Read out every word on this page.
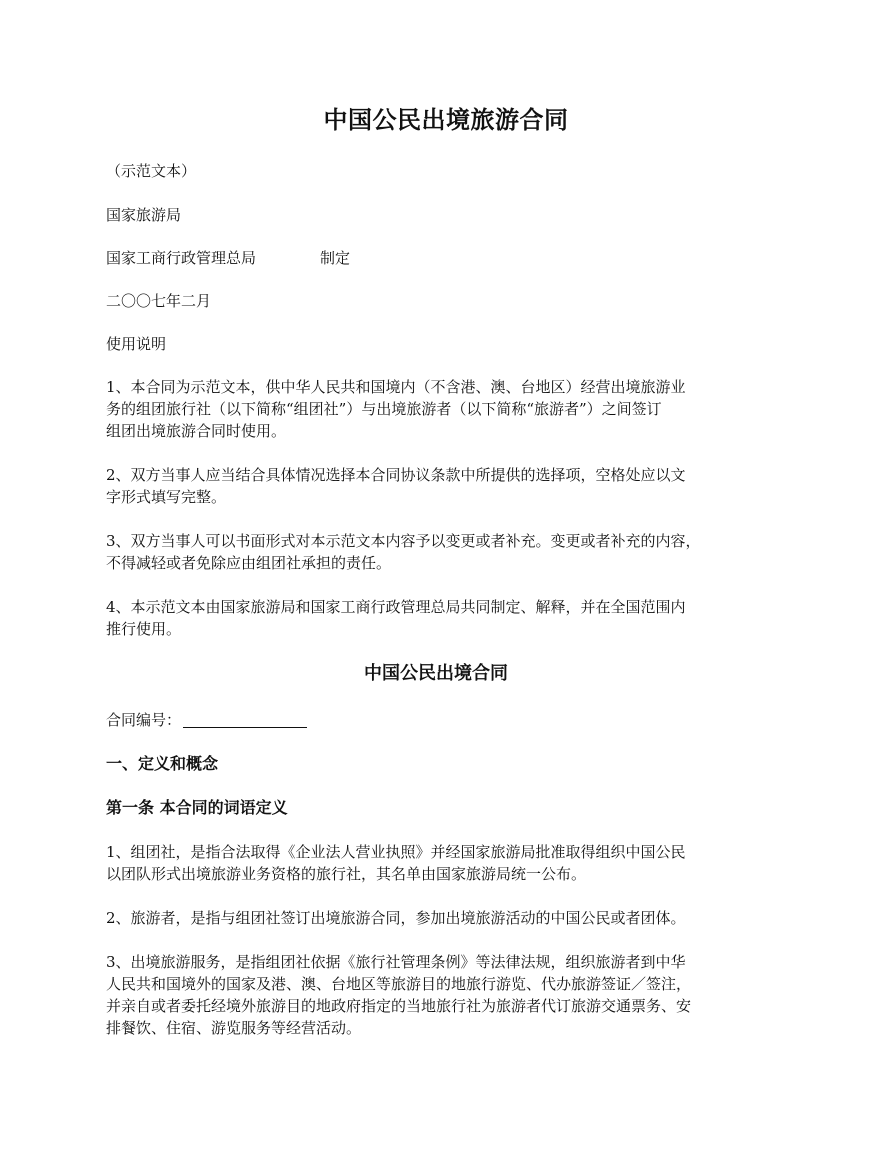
中国公民出境旅游合同
（示范文本）
国家旅游局
国家工商行政管理总局	制定
二〇〇七年二月
使用说明
1、本合同为示范文本，供中华人民共和国境内（不含港、澳、台地区）经营出境旅游业
务的组团旅行社（以下简称“组团社”）与出境旅游者（以下简称“旅游者”）之间签订
组团出境旅游合同时使用。
2、双方当事人应当结合具体情况选择本合同协议条款中所提供的选择项，空格处应以文
字形式填写完整。
3、双方当事人可以书面形式对本示范文本内容予以变更或者补充。变更或者补充的内容，
不得减轻或者免除应由组团社承担的责任。
4、本示范文本由国家旅游局和国家工商行政管理总局共同制定、解释，并在全国范围内
推行使用。
中国公民出境合同
合同编号：
一、定义和概念
第一条 本合同的词语定义
1、组团社，是指合法取得《企业法人营业执照》并经国家旅游局批准取得组织中国公民
以团队形式出境旅游业务资格的旅行社，其名单由国家旅游局统一公布。
2、旅游者，是指与组团社签订出境旅游合同，参加出境旅游活动的中国公民或者团体。
3、出境旅游服务，是指组团社依据《旅行社管理条例》等法律法规，组织旅游者到中华
人民共和国境外的国家及港、澳、台地区等旅游目的地旅行游览、代办旅游签证／签注，
并亲自或者委托经境外旅游目的地政府指定的当地旅行社为旅游者代订旅游交通票务、安
排餐饮、住宿、游览服务等经营活动。
